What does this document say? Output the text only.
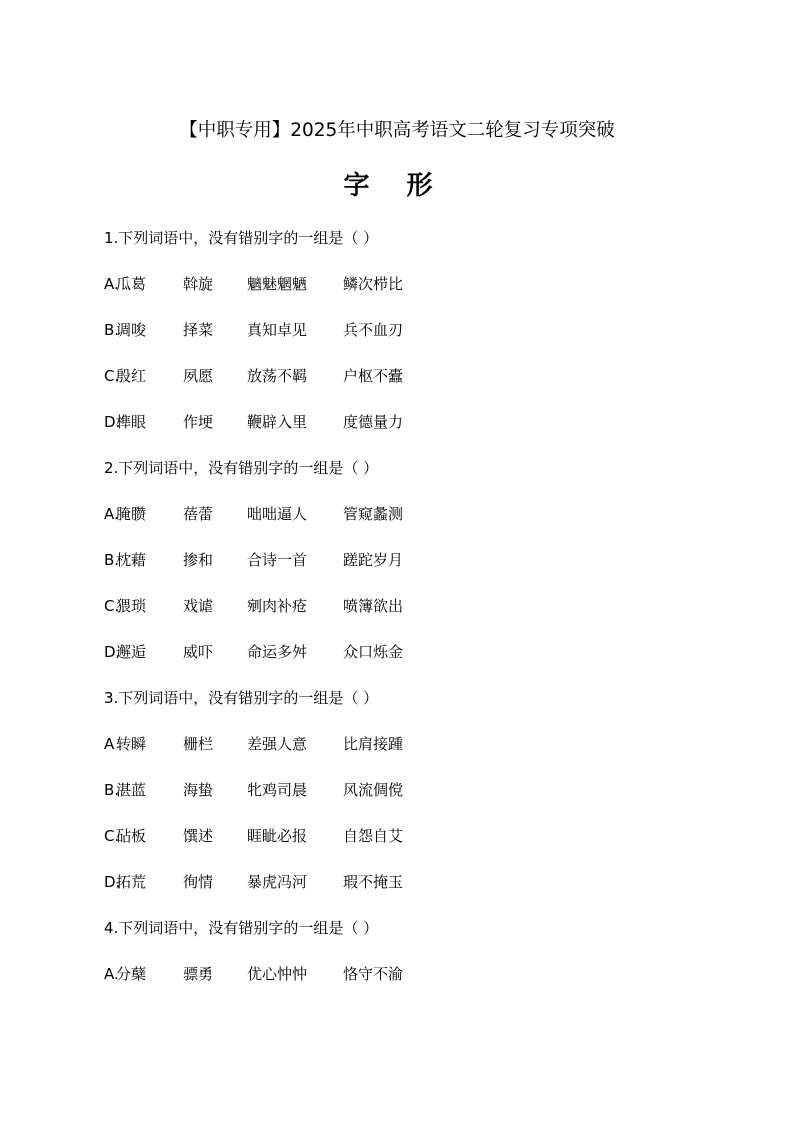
【中职专用】2025年中职高考语文二轮复习专项突破
字 形
1.下列词语中，没有错别字的一组是（ ）
A.
瓜葛 斡旋 魑魅魍魉 鳞次栉比
B.
调唆 择菜 真知卓见 兵不血刃
C.
殷红 夙愿 放荡不羁 户枢不蠹
D.
榫眼 作埂 鞭辟入里 度德量力
2.下列词语中，没有错别字的一组是（ ）
A.
腌臜 蓓蕾 咄咄逼人 管窥蠡测
B.
枕藉 掺和 合诗一首 蹉跎岁月
C.
猥琐 戏谑 剜肉补疮 喷簿欲出
D.
邂逅 威吓 命运多舛 众口烁金
3.下列词语中，没有错别字的一组是（ ）
A 转瞬 栅栏 差强人意 比肩接踵
B.
湛蓝 海蛰 牝鸡司晨 风流倜傥
C.
砧板 馔述 睚眦必报 自怨自艾
D.
拓荒 徇情 暴虎冯河 瑕不掩玉
4.下列词语中，没有错别字的一组是（ ）
A.
分蘖 骠勇 优心忡忡 恪守不渝
